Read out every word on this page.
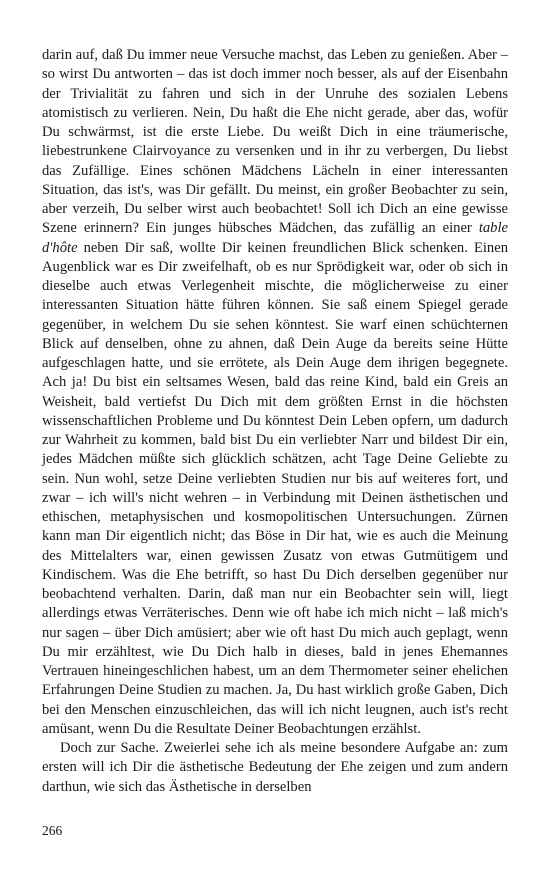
darin auf, daß Du immer neue Versuche machst, das Leben zu genießen. Aber – so wirst Du antworten – das ist doch immer noch besser, als auf der Eisenbahn der Trivialität zu fahren und sich in der Unruhe des sozialen Lebens atomistisch zu verlieren. Nein, Du haßt die Ehe nicht gerade, aber das, wofür Du schwärmst, ist die erste Liebe. Du weißt Dich in eine träumerische, liebestrunkene Clairvoyance zu versenken und in ihr zu verbergen, Du liebst das Zufällige. Eines schönen Mädchens Lächeln in einer interessanten Situation, das ist's, was Dir gefällt. Du meinst, ein großer Beobachter zu sein, aber verzeih, Du selber wirst auch beobachtet! Soll ich Dich an eine gewisse Szene erinnern? Ein junges hübsches Mädchen, das zufällig an einer table d'hôte neben Dir saß, wollte Dir keinen freundlichen Blick schenken. Einen Augenblick war es Dir zweifelhaft, ob es nur Sprödigkeit war, oder ob sich in dieselbe auch etwas Verlegenheit mischte, die möglicherweise zu einer interessanten Situation hätte führen können. Sie saß einem Spiegel gerade gegenüber, in welchem Du sie sehen könntest. Sie warf einen schüchternen Blick auf denselben, ohne zu ahnen, daß Dein Auge da bereits seine Hütte aufgeschlagen hatte, und sie errötete, als Dein Auge dem ihrigen begegnete. Ach ja! Du bist ein seltsames Wesen, bald das reine Kind, bald ein Greis an Weisheit, bald vertiefst Du Dich mit dem größten Ernst in die höchsten wissenschaftlichen Probleme und Du könntest Dein Leben opfern, um dadurch zur Wahrheit zu kommen, bald bist Du ein verliebter Narr und bildest Dir ein, jedes Mädchen müßte sich glücklich schätzen, acht Tage Deine Geliebte zu sein. Nun wohl, setze Deine verliebten Studien nur bis auf weiteres fort, und zwar – ich will's nicht wehren – in Verbindung mit Deinen ästhetischen und ethischen, metaphysischen und kosmopolitischen Untersuchungen. Zürnen kann man Dir eigentlich nicht; das Böse in Dir hat, wie es auch die Meinung des Mittelalters war, einen gewissen Zusatz von etwas Gutmütigem und Kindischem. Was die Ehe betrifft, so hast Du Dich derselben gegenüber nur beobachtend verhalten. Darin, daß man nur ein Beobachter sein will, liegt allerdings etwas Verräterisches. Denn wie oft habe ich mich nicht – laß mich's nur sagen – über Dich amüsiert; aber wie oft hast Du mich auch geplagt, wenn Du mir erzähltest, wie Du Dich halb in dieses, bald in jenes Ehemannes Vertrauen hineingeschlichen habest, um an dem Thermometer seiner ehelichen Erfahrungen Deine Studien zu machen. Ja, Du hast wirklich große Gaben, Dich bei den Menschen einzuschleichen, das will ich nicht leugnen, auch ist's recht amüsant, wenn Du die Resultate Deiner Beobachtungen erzählst.

Doch zur Sache. Zweierlei sehe ich als meine besondere Aufgabe an: zum ersten will ich Dir die ästhetische Bedeutung der Ehe zeigen und zum andern darthun, wie sich das Ästhetische in derselben

266
